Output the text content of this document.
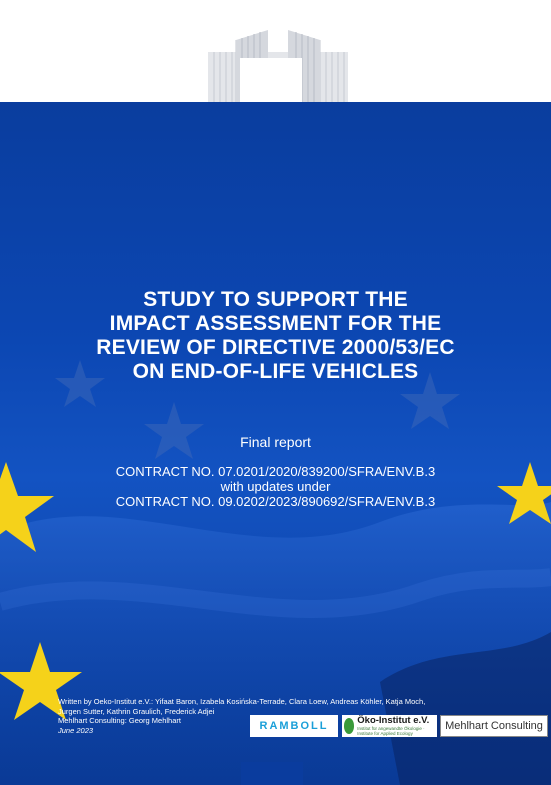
STUDY TO SUPPORT THE
IMPACT ASSESSMENT FOR THE
REVIEW OF DIRECTIVE 2000/53/EC
ON END-OF-LIFE VEHICLES
Final report
CONTRACT NO. 07.0201/2020/839200/SFRA/ENV.B.3
with updates under
CONTRACT NO. 09.0202/2023/890692/SFRA/ENV.B.3
Written by Oeko-Institut e.V.: Yifaat Baron, Izabela Kosińska-Terrade, Clara Loew, Andreas Köhler, Katja Moch,
Jurgen Sutter, Kathrin Graulich, Frederick Adjei
Mehlhart Consulting: Georg Mehlhart
June 2023	RAMBOLL	Öko-Institut e.V.
Institut für angewandte Ökologie · Institute for Applied Ecology
Mehlhart Consulting
